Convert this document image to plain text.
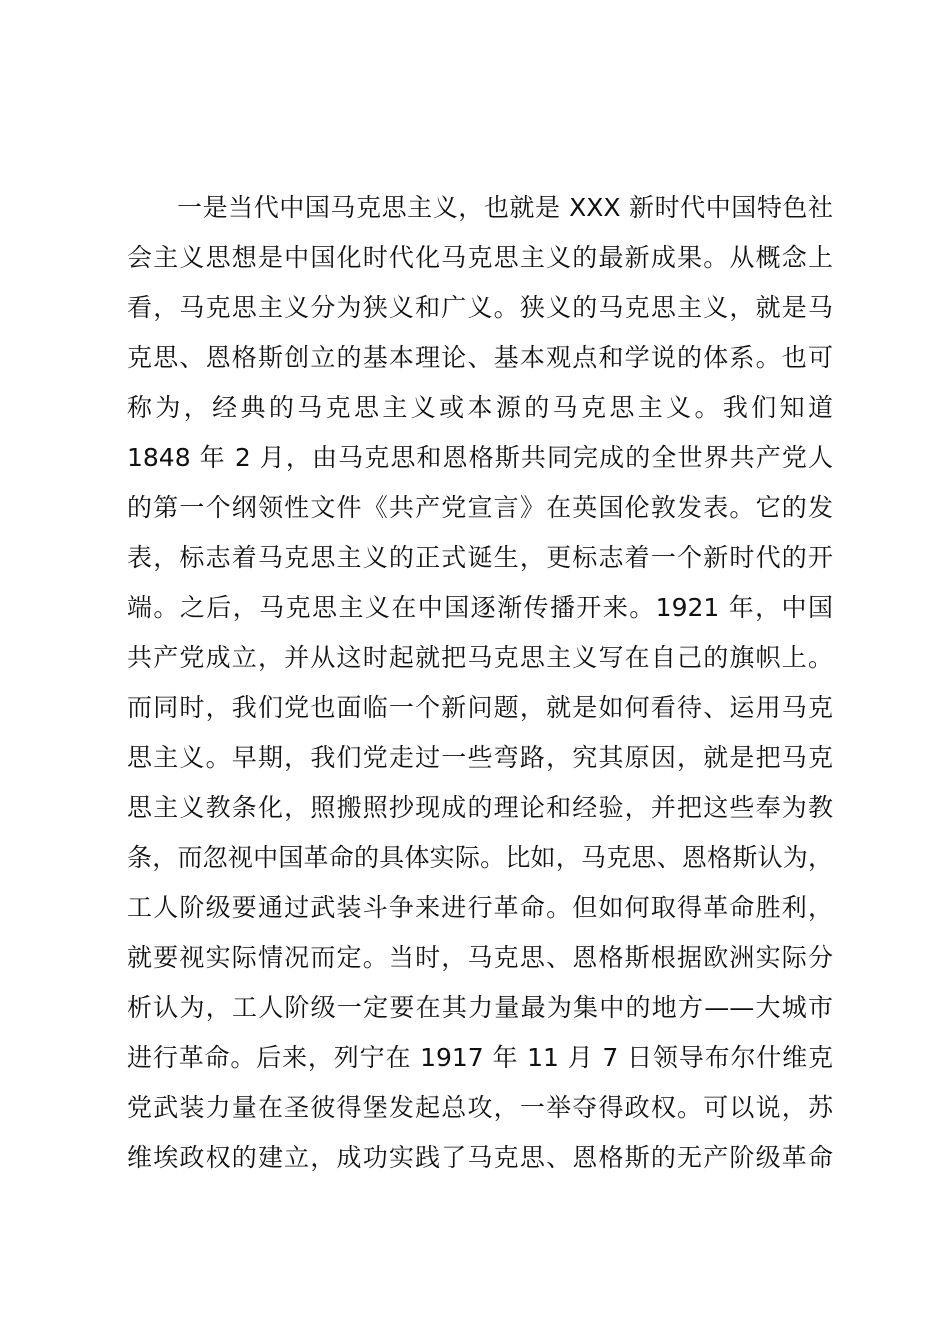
一是当代中国马克思主义，也就是 XXX 新时代中国特色社
会主义思想是中国化时代化马克思主义的最新成果。从概念上
看，马克思主义分为狭义和广义。狭义的马克思主义，就是马
克思、恩格斯创立的基本理论、基本观点和学说的体系。也可
称为，经典的马克思主义或本源的马克思主义。我们知道
1848 年 2 月，由马克思和恩格斯共同完成的全世界共产党人
的第一个纲领性文件《共产党宣言》在英国伦敦发表。它的发
表，标志着马克思主义的正式诞生，更标志着一个新时代的开
端。之后，马克思主义在中国逐渐传播开来。1921 年，中国
共产党成立，并从这时起就把马克思主义写在自己的旗帜上。
而同时，我们党也面临一个新问题，就是如何看待、运用马克
思主义。早期，我们党走过一些弯路，究其原因，就是把马克
思主义教条化，照搬照抄现成的理论和经验，并把这些奉为教
条，而忽视中国革命的具体实际。比如，马克思、恩格斯认为，
工人阶级要通过武装斗争来进行革命。但如何取得革命胜利，
就要视实际情况而定。当时，马克思、恩格斯根据欧洲实际分
析认为，工人阶级一定要在其力量最为集中的地方——大城市
进行革命。后来，列宁在 1917 年 11 月 7 日领导布尔什维克
党武装力量在圣彼得堡发起总攻，一举夺得政权。可以说，苏
维埃政权的建立，成功实践了马克思、恩格斯的无产阶级革命
